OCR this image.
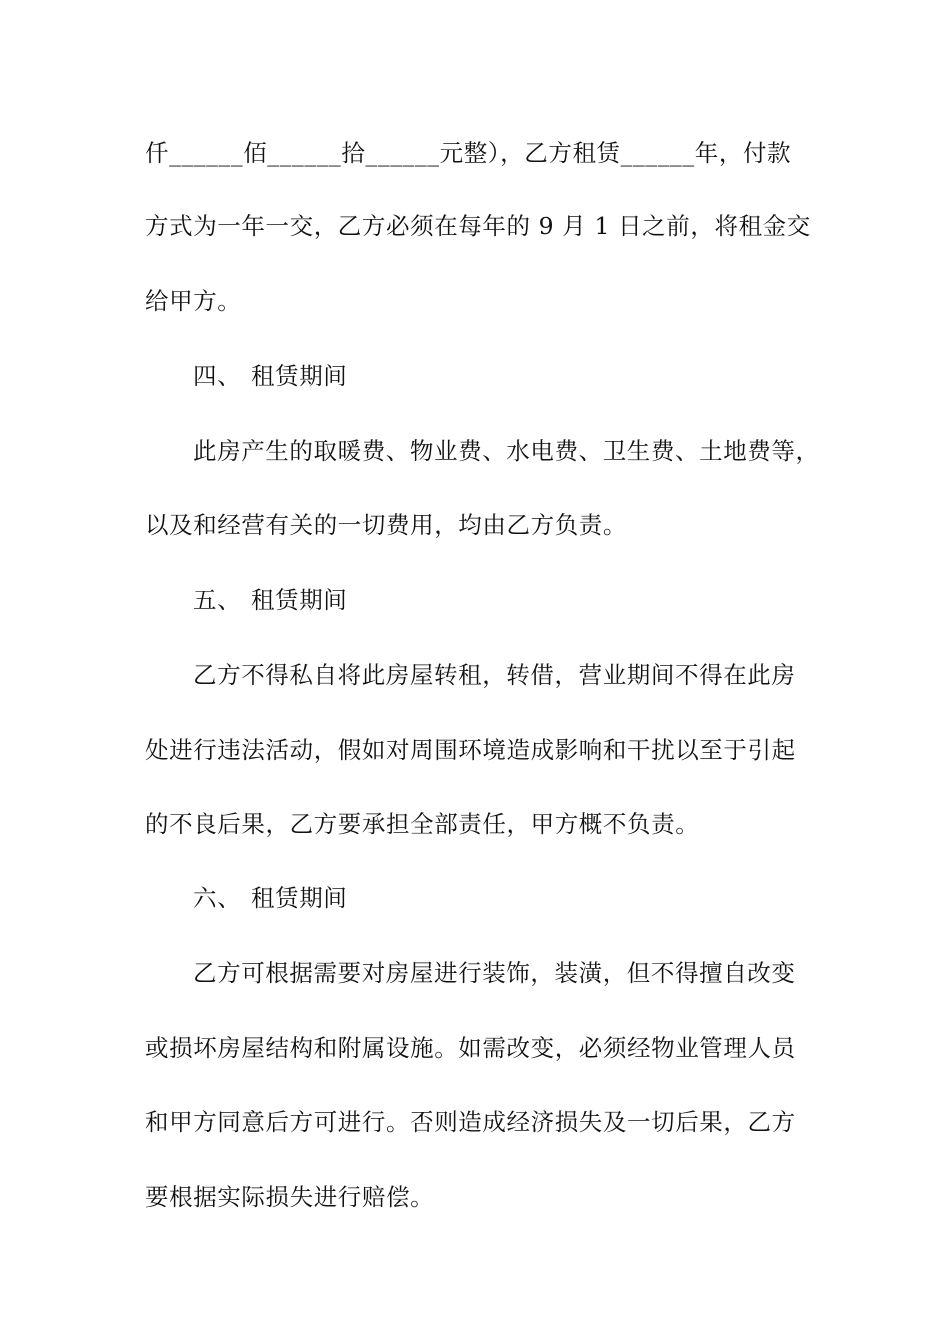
仟______佰______拾______元整），乙方租赁______年，付款
方式为一年一交，乙方必须在每年的 9 月 1 日之前，将租金交
给甲方。
四、 租赁期间
此房产生的取暖费、物业费、水电费、卫生费、土地费等，
以及和经营有关的一切费用，均由乙方负责。
五、 租赁期间
乙方不得私自将此房屋转租，转借，营业期间不得在此房
处进行违法活动，假如对周围环境造成影响和干扰以至于引起
的不良后果，乙方要承担全部责任，甲方概不负责。
六、 租赁期间
乙方可根据需要对房屋进行装饰，装潢，但不得擅自改变
或损坏房屋结构和附属设施。如需改变，必须经物业管理人员
和甲方同意后方可进行。否则造成经济损失及一切后果，乙方
要根据实际损失进行赔偿。
